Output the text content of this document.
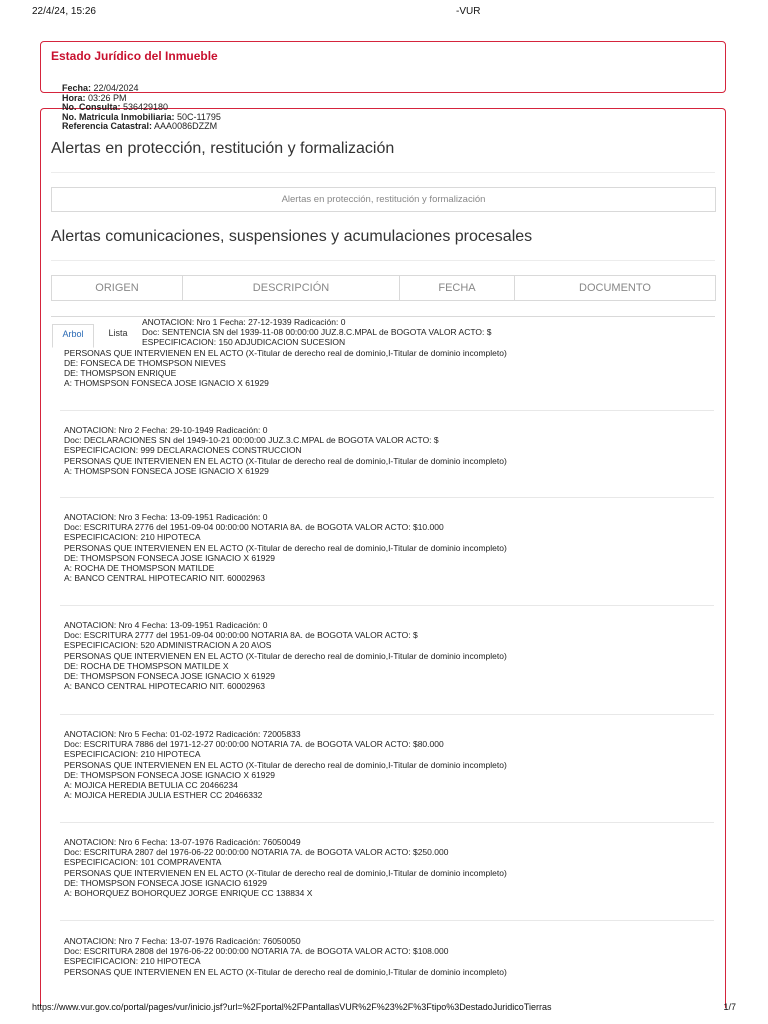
22/4/24, 15:26	-VUR
Estado Jurídico del Inmueble
Fecha: 22/04/2024
Hora: 03:26 PM
No. Consulta: 536429180
No. Matricula Inmobiliaria: 50C-11795
Referencia Catastral: AAA0086DZZM
Alertas en protección, restitución y formalización
Alertas en protección, restitución y formalización
Alertas comunicaciones, suspensiones y acumulaciones procesales
ORIGEN	DESCRIPCIÓN	FECHA	DOCUMENTO
Arbol	Lista
ANOTACION: Nro 1 Fecha: 27-12-1939 Radicación: 0
Doc: SENTENCIA SN del 1939-11-08 00:00:00 JUZ.8.C.MPAL de BOGOTA VALOR ACTO: $
ESPECIFICACION: 150 ADJUDICACION SUCESION
PERSONAS QUE INTERVIENEN EN EL ACTO (X-Titular de derecho real de dominio,I-Titular de dominio incompleto)
DE: FONSECA DE THOMSPSON NIEVES
DE: THOMSPSON ENRIQUE
A: THOMSPSON FONSECA JOSE IGNACIO X 61929
ANOTACION: Nro 2 Fecha: 29-10-1949 Radicación: 0
Doc: DECLARACIONES SN del 1949-10-21 00:00:00 JUZ.3.C.MPAL de BOGOTA VALOR ACTO: $
ESPECIFICACION: 999 DECLARACIONES CONSTRUCCION
PERSONAS QUE INTERVIENEN EN EL ACTO (X-Titular de derecho real de dominio,I-Titular de dominio incompleto)
A: THOMSPSON FONSECA JOSE IGNACIO X 61929
ANOTACION: Nro 3 Fecha: 13-09-1951 Radicación: 0
Doc: ESCRITURA 2776 del 1951-09-04 00:00:00 NOTARIA 8A. de BOGOTA VALOR ACTO: $10.000
ESPECIFICACION: 210 HIPOTECA
PERSONAS QUE INTERVIENEN EN EL ACTO (X-Titular de derecho real de dominio,I-Titular de dominio incompleto)
DE: THOMSPSON FONSECA JOSE IGNACIO X 61929
A: ROCHA DE THOMSPSON MATILDE
A: BANCO CENTRAL HIPOTECARIO NIT. 60002963
ANOTACION: Nro 4 Fecha: 13-09-1951 Radicación: 0
Doc: ESCRITURA 2777 del 1951-09-04 00:00:00 NOTARIA 8A. de BOGOTA VALOR ACTO: $
ESPECIFICACION: 520 ADMINISTRACION A 20 A\OS
PERSONAS QUE INTERVIENEN EN EL ACTO (X-Titular de derecho real de dominio,I-Titular de dominio incompleto)
DE: ROCHA DE THOMSPSON MATILDE X
DE: THOMSPSON FONSECA JOSE IGNACIO X 61929
A: BANCO CENTRAL HIPOTECARIO NIT. 60002963
ANOTACION: Nro 5 Fecha: 01-02-1972 Radicación: 72005833
Doc: ESCRITURA 7886 del 1971-12-27 00:00:00 NOTARIA 7A. de BOGOTA VALOR ACTO: $80.000
ESPECIFICACION: 210 HIPOTECA
PERSONAS QUE INTERVIENEN EN EL ACTO (X-Titular de derecho real de dominio,I-Titular de dominio incompleto)
DE: THOMSPSON FONSECA JOSE IGNACIO X 61929
A: MOJICA HEREDIA BETULIA CC 20466234
A: MOJICA HEREDIA JULIA ESTHER CC 20466332
ANOTACION: Nro 6 Fecha: 13-07-1976 Radicación: 76050049
Doc: ESCRITURA 2807 del 1976-06-22 00:00:00 NOTARIA 7A. de BOGOTA VALOR ACTO: $250.000
ESPECIFICACION: 101 COMPRAVENTA
PERSONAS QUE INTERVIENEN EN EL ACTO (X-Titular de derecho real de dominio,I-Titular de dominio incompleto)
DE: THOMSPSON FONSECA JOSE IGNACIO 61929
A: BOHORQUEZ BOHORQUEZ JORGE ENRIQUE CC 138834 X
ANOTACION: Nro 7 Fecha: 13-07-1976 Radicación: 76050050
Doc: ESCRITURA 2808 del 1976-06-22 00:00:00 NOTARIA 7A. de BOGOTA VALOR ACTO: $108.000
ESPECIFICACION: 210 HIPOTECA
PERSONAS QUE INTERVIENEN EN EL ACTO (X-Titular de derecho real de dominio,I-Titular de dominio incompleto)
https://www.vur.gov.co/portal/pages/vur/inicio.jsf?url=%2Fportal%2FPantallasVUR%2F%23%2F%3Ftipo%3DestadoJuridicoTierras	1/7
